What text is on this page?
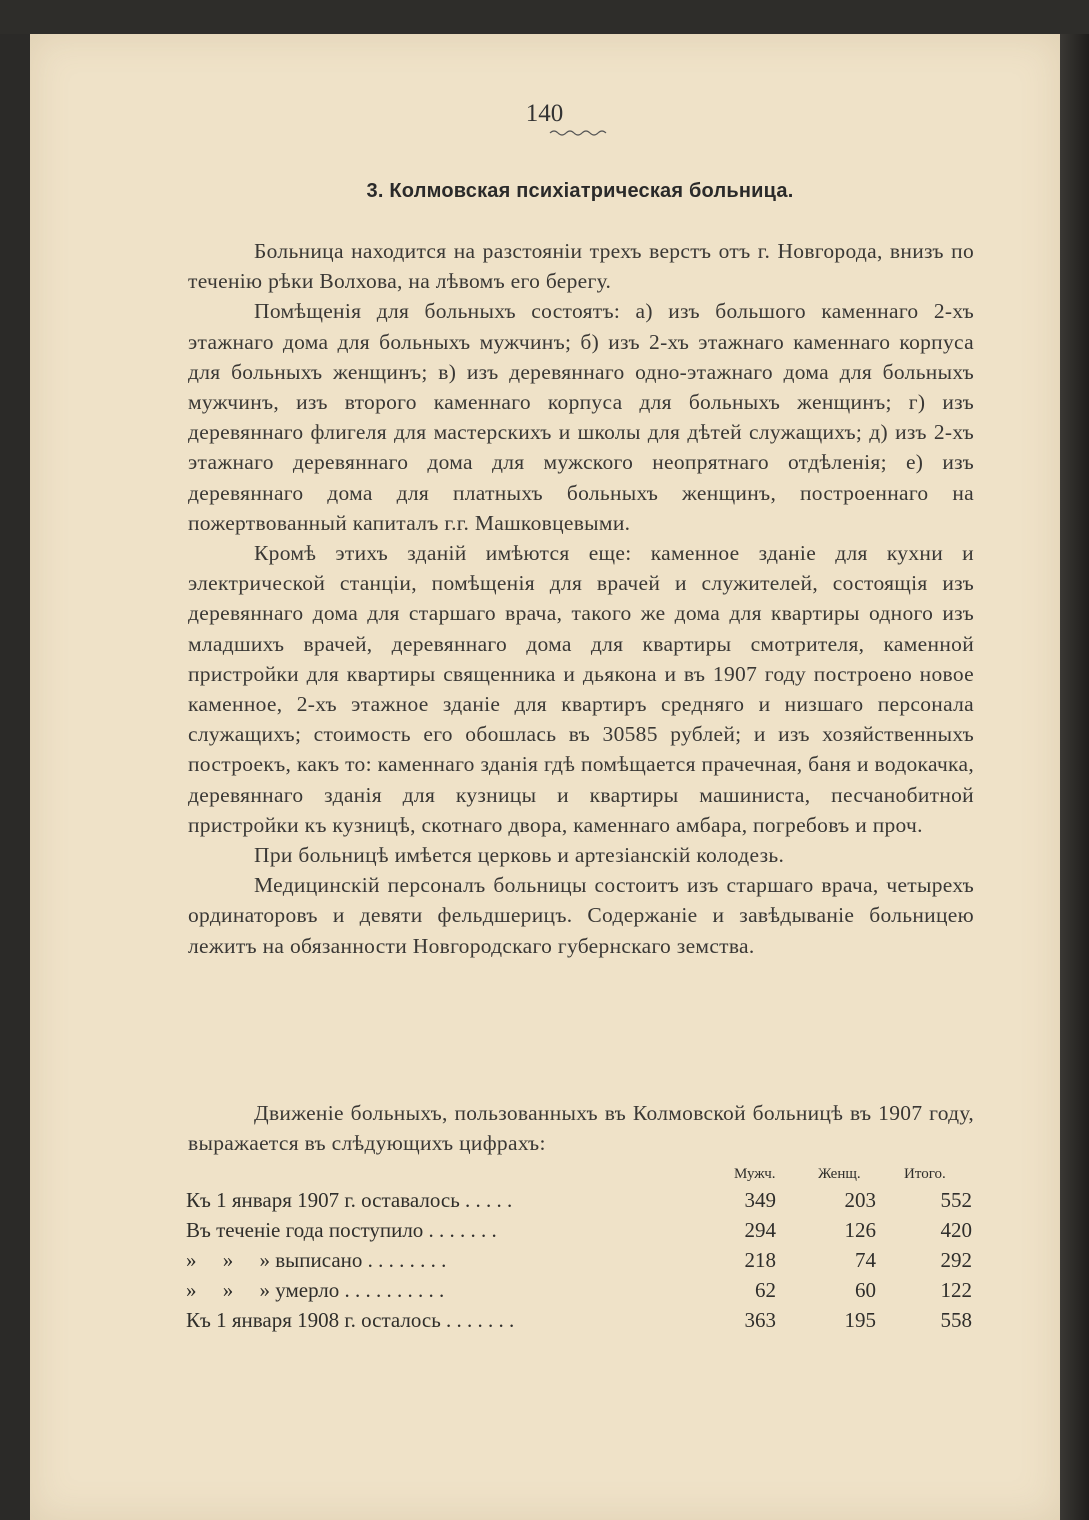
140
3. Колмовская психіатрическая больница.

Больница находится на разстояніи трехъ верстъ отъ г. Новгорода, внизъ по теченію рѣки Волхова, на лѣвомъ его берегу.

Помѣщенія для больныхъ состоятъ: а) изъ большого каменнаго 2-хъ этажнаго дома для больныхъ мужчинъ; б) изъ 2-хъ этажнаго каменнаго корпуса для больныхъ женщинъ; в) изъ деревяннаго одно-этажнаго дома для больныхъ мужчинъ, изъ второго каменнаго корпуса для больныхъ женщинъ; г) изъ деревяннаго флигеля для мастерскихъ и школы для дѣтей служащихъ; д) изъ 2-хъ этажнаго деревяннаго дома для мужского неопрятнаго отдѣленія; е) изъ деревяннаго дома для платныхъ больныхъ женщинъ, построеннаго на пожертвованный капиталъ г.г. Машковцевыми.

Кромѣ этихъ зданій имѣются еще: каменное зданіе для кухни и электрической станціи, помѣщенія для врачей и служителей, состоящія изъ деревяннаго дома для старшаго врача, такого же дома для квартиры одного изъ младшихъ врачей, деревяннаго дома для квартиры смотрителя, каменной пристройки для квартиры священника и дьякона и въ 1907 году построено новое каменное, 2-хъ этажное зданіе для квартиръ средняго и низшаго персонала служащихъ; стоимость его обошлась въ 30585 рублей; и изъ хозяйственныхъ построекъ, какъ то: каменнаго зданія гдѣ помѣщается прачечная, баня и водокачка, деревяннаго зданія для кузницы и квартиры машиниста, песчанобитной пристройки къ кузницѣ, скотнаго двора, каменнаго амбара, погребовъ и проч.

При больницѣ имѣется церковь и артезіанскій колодезь.

Медицинскій персоналъ больницы состоитъ изъ старшаго врача, четырехъ ординаторовъ и девяти фельдшерицъ. Содержаніе и завѣдываніе больницею лежитъ на обязанности Новгородскаго губернскаго земства.

Движеніе больныхъ, пользованныхъ въ Колмовской больницѣ въ 1907 году, выражается въ слѣдующихъ цифрахъ:
Мужч.	Женщ.	Итого.
Къ 1 января 1907 г. оставалось . . . . .	349	203	552
Въ теченіе года поступило . . . . . . .	294	126	420
»     »     » выписано . . . . . . . .	218	74	292
»     »     » умерло . . . . . . . . . .	62	60	122
Къ 1 января 1908 г. осталось . . . . . . .	363	195	558
